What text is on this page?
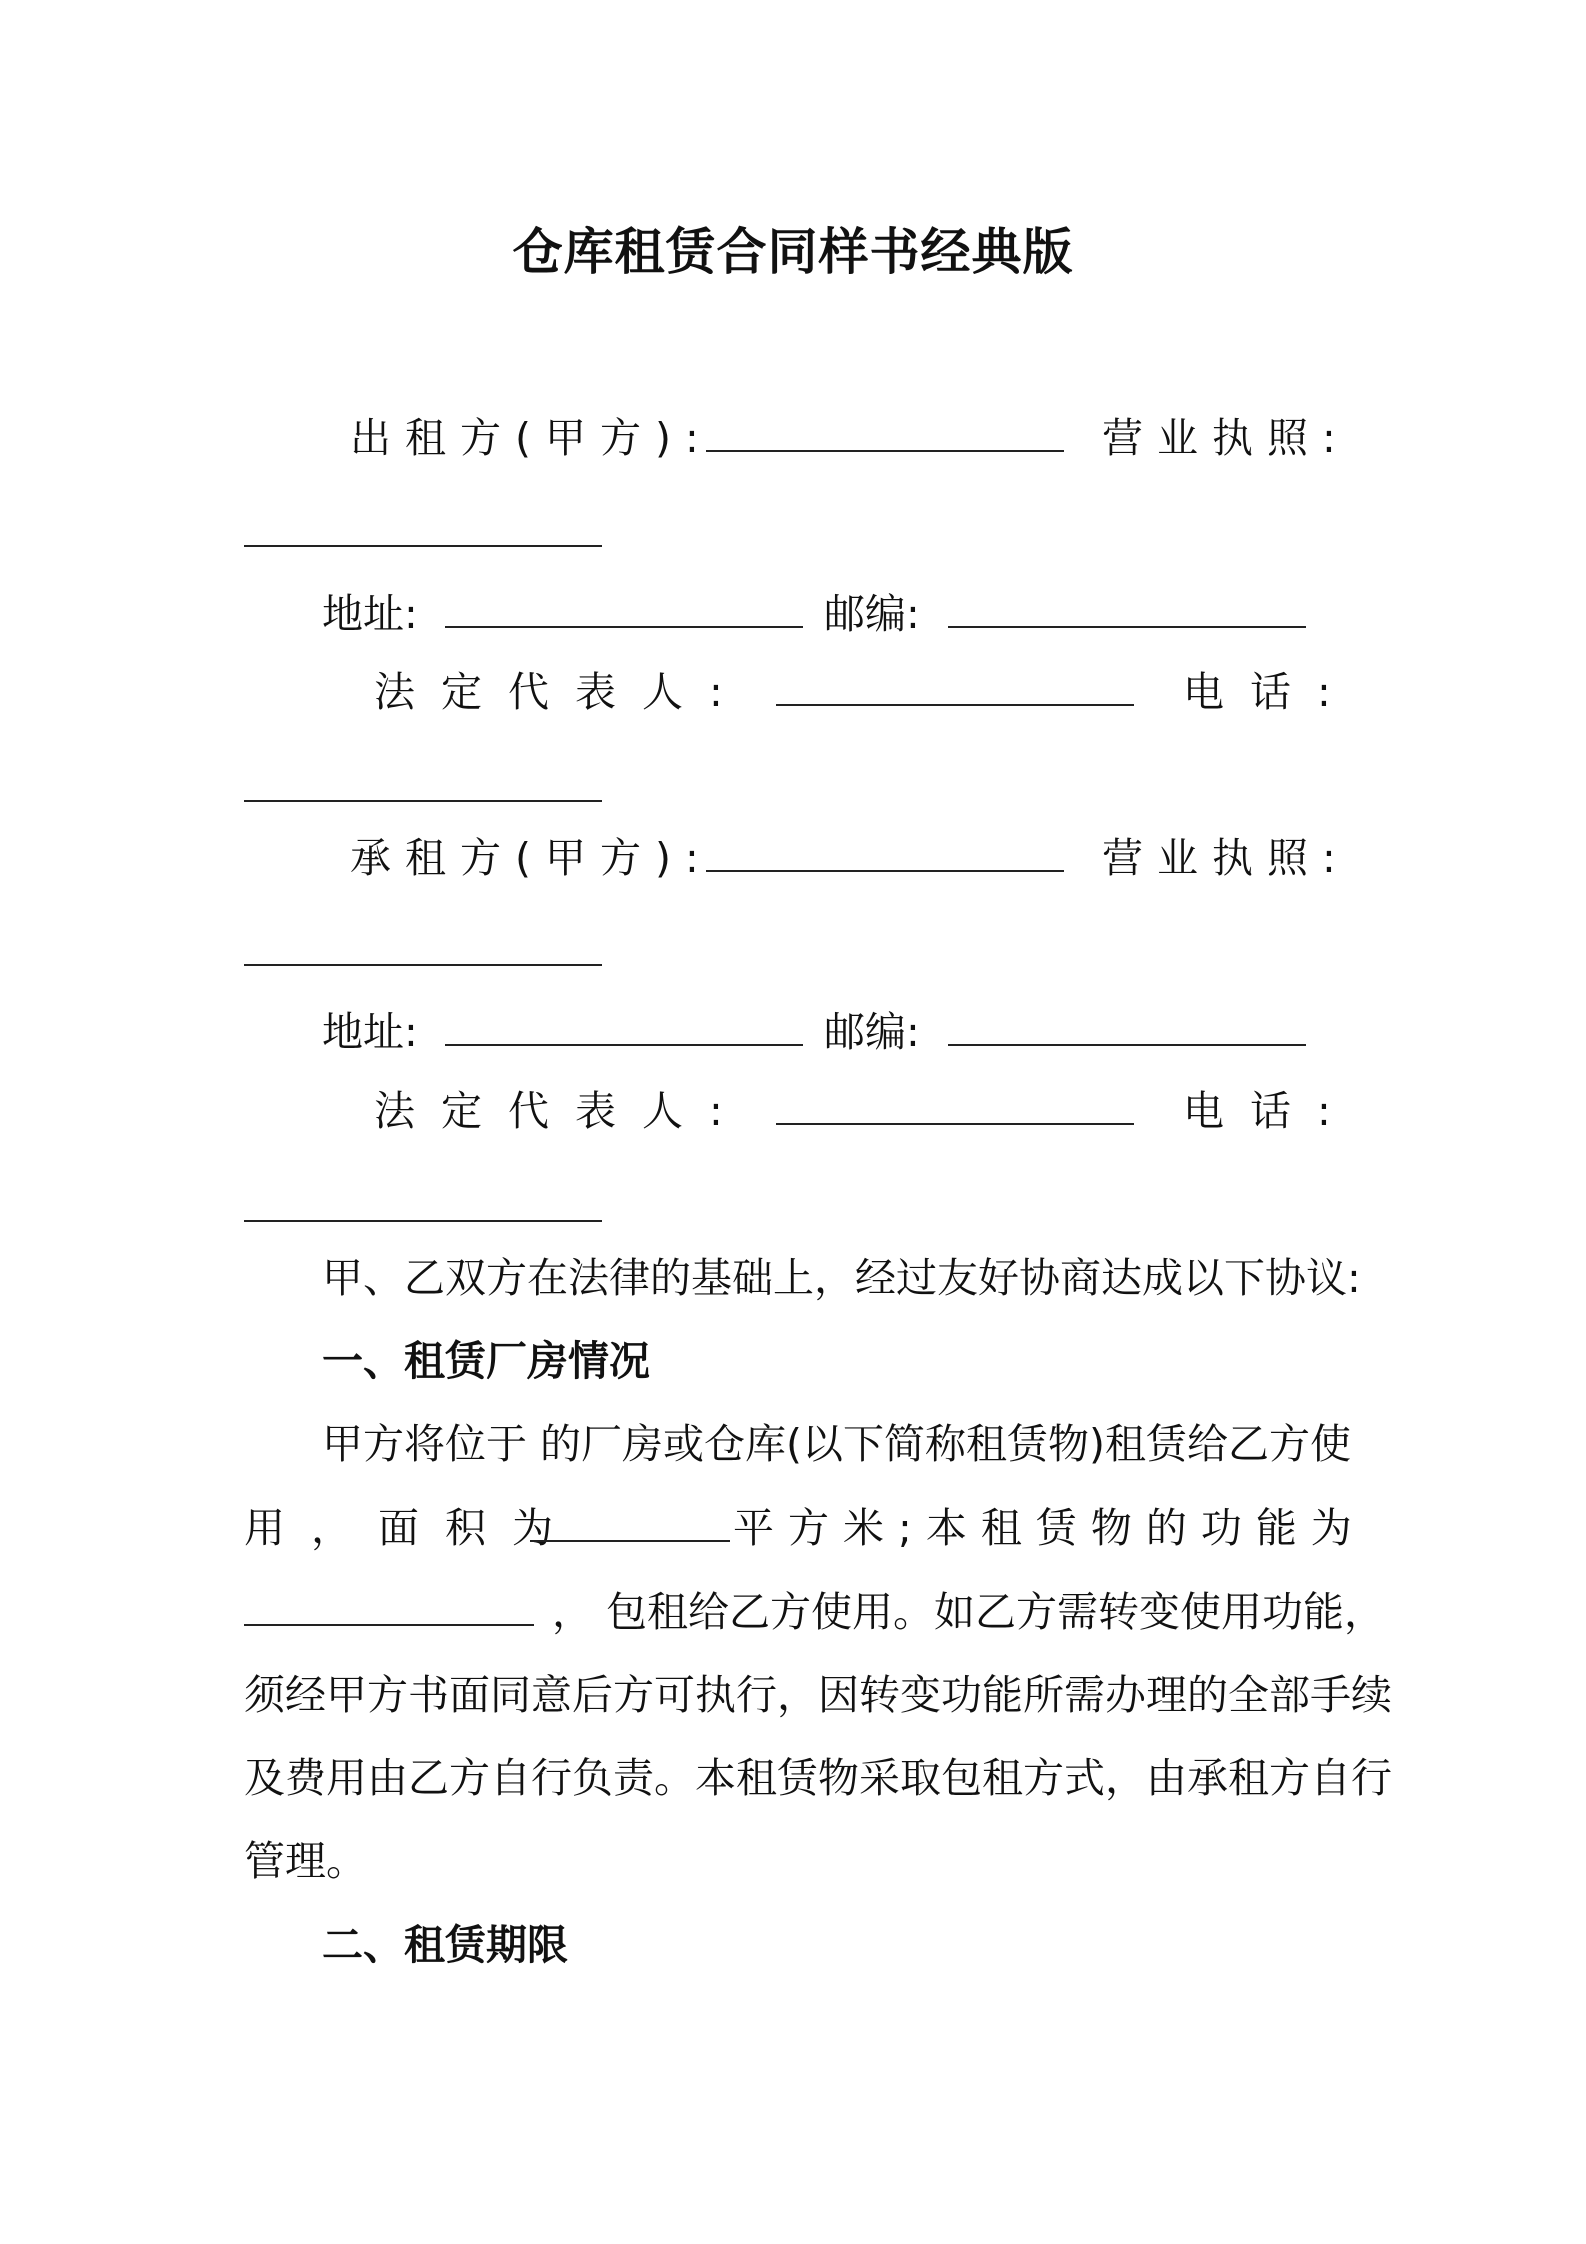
仓库租赁合同样书经典版
出租方(甲方):	营业执照:
地址:	邮编:
法定代表人:	电话:
承租方(甲方):	营业执照:
地址:	邮编:
法定代表人:	电话:
甲、乙双方在法律的基础上，经过友好协商达成以下协议:
一、租赁厂房情况
甲方将位于 的厂房或仓库(以下简称租赁物)租赁给乙方使
用，面积为	平方米;本租赁物的功能为
， 包租给乙方使用。如乙方需转变使用功能，
须经甲方书面同意后方可执行，因转变功能所需办理的全部手续
及费用由乙方自行负责。本租赁物采取包租方式，由承租方自行
管理。
二、租赁期限
